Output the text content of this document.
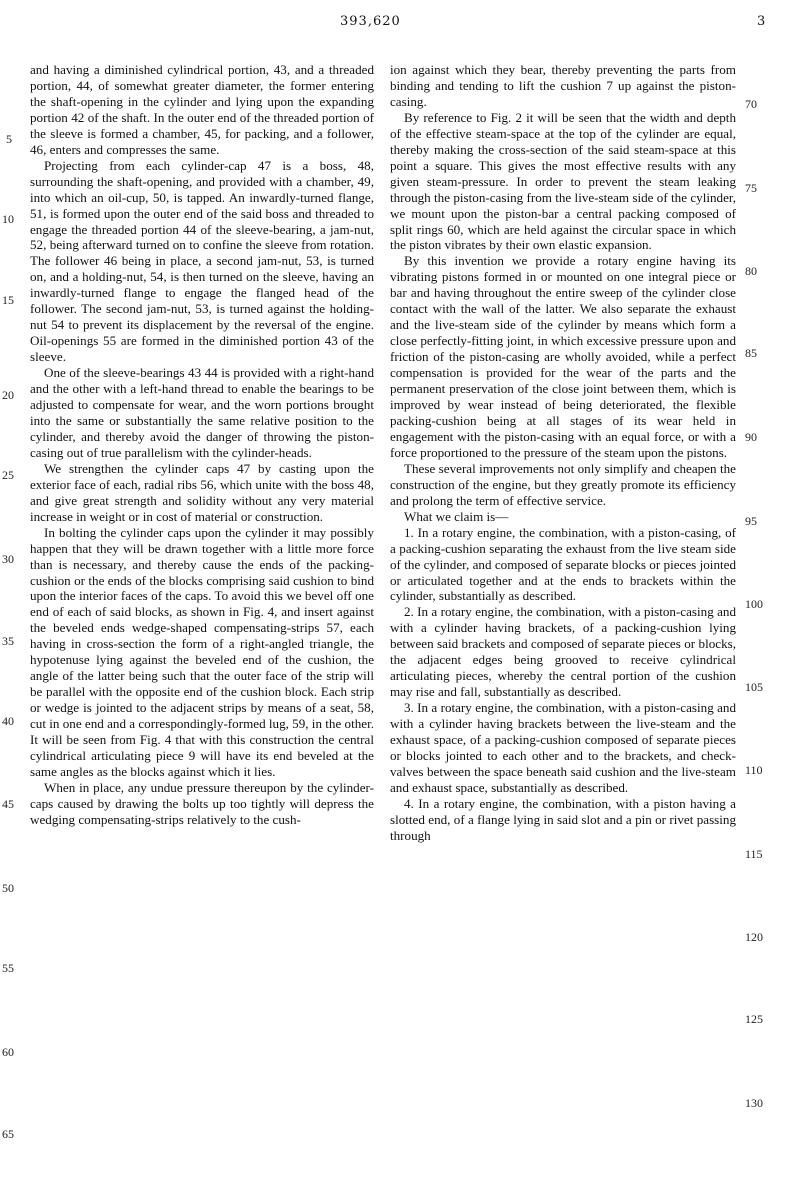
393,620	3

and having a diminished cylindrical portion, 43, and a threaded portion, 44, of somewhat greater diameter, the former entering the shaft-opening in the cylinder and lying upon the expanding portion 42 of the shaft. In the outer end of the threaded portion of the sleeve is formed a chamber, 45, for packing, and a follower, 46, enters and compresses the same.

Projecting from each cylinder-cap 47 is a boss, 48, surrounding the shaft-opening, and provided with a chamber, 49, into which an oil-cup, 50, is tapped. An inwardly-turned flange, 51, is formed upon the outer end of the said boss and threaded to engage the threaded portion 44 of the sleeve-bearing, a jam-nut, 52, being afterward turned on to confine the sleeve from rotation. The follower 46 being in place, a second jam-nut, 53, is turned on, and a holding-nut, 54, is then turned on the sleeve, having an inwardly-turned flange to engage the flanged head of the follower. The second jam-nut, 53, is turned against the holding-nut 54 to prevent its displacement by the reversal of the engine. Oil-openings 55 are formed in the diminished portion 43 of the sleeve.

One of the sleeve-bearings 43 44 is provided with a right-hand and the other with a left-hand thread to enable the bearings to be adjusted to compensate for wear, and the worn portions brought into the same or substantially the same relative position to the cylinder, and thereby avoid the danger of throwing the piston-casing out of true parallelism with the cylinder-heads.

We strengthen the cylinder caps 47 by casting upon the exterior face of each, radial ribs 56, which unite with the boss 48, and give great strength and solidity without any very material increase in weight or in cost of material or construction.

In bolting the cylinder caps upon the cylinder it may possibly happen that they will be drawn together with a little more force than is necessary, and thereby cause the ends of the packing-cushion or the ends of the blocks comprising said cushion to bind upon the interior faces of the caps. To avoid this we bevel off one end of each of said blocks, as shown in Fig. 4, and insert against the beveled ends wedge-shaped compensating-strips 57, each having in cross-section the form of a right-angled triangle, the hypotenuse lying against the beveled end of the cushion, the angle of the latter being such that the outer face of the strip will be parallel with the opposite end of the cushion block. Each strip or wedge is jointed to the adjacent strips by means of a seat, 58, cut in one end and a correspondingly-formed lug, 59, in the other. It will be seen from Fig. 4 that with this construction the central cylindrical articulating piece 9 will have its end beveled at the same angles as the blocks against which it lies.

When in place, any undue pressure thereupon by the cylinder-caps caused by drawing the bolts up too tightly will depress the wedging compensating-strips relatively to the cush-

ion against which they bear, thereby preventing the parts from binding and tending to lift the cushion 7 up against the piston-casing.

By reference to Fig. 2 it will be seen that the width and depth of the effective steam-space at the top of the cylinder are equal, thereby making the cross-section of the said steam-space at this point a square. This gives the most effective results with any given steam-pressure. In order to prevent the steam leaking through the piston-casing from the live-steam side of the cylinder, we mount upon the piston-bar a central packing composed of split rings 60, which are held against the circular space in which the piston vibrates by their own elastic expansion.

By this invention we provide a rotary engine having its vibrating pistons formed in or mounted on one integral piece or bar and having throughout the entire sweep of the cylinder close contact with the wall of the latter. We also separate the exhaust and the live-steam side of the cylinder by means which form a close perfectly-fitting joint, in which excessive pressure upon and friction of the piston-casing are wholly avoided, while a perfect compensation is provided for the wear of the parts and the permanent preservation of the close joint between them, which is improved by wear instead of being deteriorated, the flexible packing-cushion being at all stages of its wear held in engagement with the piston-casing with an equal force, or with a force proportioned to the pressure of the steam upon the pistons.

These several improvements not only simplify and cheapen the construction of the engine, but they greatly promote its efficiency and prolong the term of effective service.

What we claim is—

1. In a rotary engine, the combination, with a piston-casing, of a packing-cushion separating the exhaust from the live steam side of the cylinder, and composed of separate blocks or pieces jointed or articulated together and at the ends to brackets within the cylinder, substantially as described.

2. In a rotary engine, the combination, with a piston-casing and with a cylinder having brackets, of a packing-cushion lying between said brackets and composed of separate pieces or blocks, the adjacent edges being grooved to receive cylindrical articulating pieces, whereby the central portion of the cushion may rise and fall, substantially as described.

3. In a rotary engine, the combination, with a piston-casing and with a cylinder having brackets between the live-steam and the exhaust space, of a packing-cushion composed of separate pieces or blocks jointed to each other and to the brackets, and check-valves between the space beneath said cushion and the live-steam and exhaust space, substantially as described.

4. In a rotary engine, the combination, with a piston having a slotted end, of a flange lying in said slot and a pin or rivet passing through

5
10
15
20
25
30
35
40
45
50
55
60
65
70
75
80
85
90
95
100
105
110
115
120
125
130
